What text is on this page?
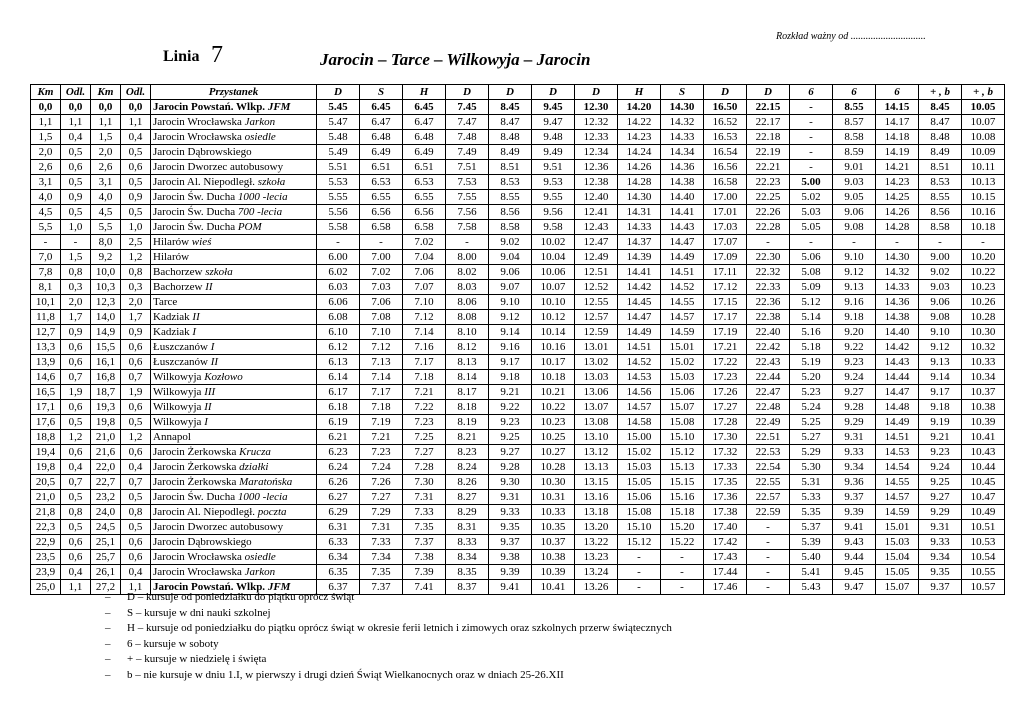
Rozkład ważny od ..............................
Linia 7	Jarocin – Tarce – Wilkowyja – Jarocin
Km	Odl.	Km	Odl.	Przystanek	D	S	H	D	D	D	D	H	S	D	D	6	6	6	+ , b	+ , b
0,0	0,0	0,0	0,0	Jarocin Powstań. Wlkp. JFM	5.45	6.45	6.45	7.45	8.45	9.45	12.30	14.20	14.30	16.50	22.15	-	8.55	14.15	8.45	10.05
1,1	1,1	1,1	1,1	Jarocin Wrocławska Jarkon	5.47	6.47	6.47	7.47	8.47	9.47	12.32	14.22	14.32	16.52	22.17	-	8.57	14.17	8.47	10.07
1,5	0,4	1,5	0,4	Jarocin Wrocławska osiedle	5.48	6.48	6.48	7.48	8.48	9.48	12.33	14.23	14.33	16.53	22.18	-	8.58	14.18	8.48	10.08
2,0	0,5	2,0	0,5	Jarocin Dąbrowskiego	5.49	6.49	6.49	7.49	8.49	9.49	12.34	14.24	14.34	16.54	22.19	-	8.59	14.19	8.49	10.09
2,6	0,6	2,6	0,6	Jarocin Dworzec autobusowy	5.51	6.51	6.51	7.51	8.51	9.51	12.36	14.26	14.36	16.56	22.21	-	9.01	14.21	8.51	10.11
3,1	0,5	3,1	0,5	Jarocin Al. Niepodległ. szkoła	5.53	6.53	6.53	7.53	8.53	9.53	12.38	14.28	14.38	16.58	22.23	5.00	9.03	14.23	8.53	10.13
4,0	0,9	4,0	0,9	Jarocin Św. Ducha 1000 -lecia	5.55	6.55	6.55	7.55	8.55	9.55	12.40	14.30	14.40	17.00	22.25	5.02	9.05	14.25	8.55	10.15
4,5	0,5	4,5	0,5	Jarocin Św. Ducha 700 -lecia	5.56	6.56	6.56	7.56	8.56	9.56	12.41	14.31	14.41	17.01	22.26	5.03	9.06	14.26	8.56	10.16
5,5	1,0	5,5	1,0	Jarocin Św. Ducha POM	5.58	6.58	6.58	7.58	8.58	9.58	12.43	14.33	14.43	17.03	22.28	5.05	9.08	14.28	8.58	10.18
-	-	8,0	2,5	Hilarów wieś	-	-	7.02	-	9.02	10.02	12.47	14.37	14.47	17.07	-	-	-	-	-	-
7,0	1,5	9,2	1,2	Hilarów	6.00	7.00	7.04	8.00	9.04	10.04	12.49	14.39	14.49	17.09	22.30	5.06	9.10	14.30	9.00	10.20
7,8	0,8	10,0	0,8	Bachorzew szkoła	6.02	7.02	7.06	8.02	9.06	10.06	12.51	14.41	14.51	17.11	22.32	5.08	9.12	14.32	9.02	10.22
8,1	0,3	10,3	0,3	Bachorzew II	6.03	7.03	7.07	8.03	9.07	10.07	12.52	14.42	14.52	17.12	22.33	5.09	9.13	14.33	9.03	10.23
10,1	2,0	12,3	2,0	Tarce	6.06	7.06	7.10	8.06	9.10	10.10	12.55	14.45	14.55	17.15	22.36	5.12	9.16	14.36	9.06	10.26
11,8	1,7	14,0	1,7	Kadziak II	6.08	7.08	7.12	8.08	9.12	10.12	12.57	14.47	14.57	17.17	22.38	5.14	9.18	14.38	9.08	10.28
12,7	0,9	14,9	0,9	Kadziak I	6.10	7.10	7.14	8.10	9.14	10.14	12.59	14.49	14.59	17.19	22.40	5.16	9.20	14.40	9.10	10.30
13,3	0,6	15,5	0,6	Łuszczanów I	6.12	7.12	7.16	8.12	9.16	10.16	13.01	14.51	15.01	17.21	22.42	5.18	9.22	14.42	9.12	10.32
13,9	0,6	16,1	0,6	Łuszczanów II	6.13	7.13	7.17	8.13	9.17	10.17	13.02	14.52	15.02	17.22	22.43	5.19	9.23	14.43	9.13	10.33
14,6	0,7	16,8	0,7	Wilkowyja Kozłowo	6.14	7.14	7.18	8.14	9.18	10.18	13.03	14.53	15.03	17.23	22.44	5.20	9.24	14.44	9.14	10.34
16,5	1,9	18,7	1,9	Wilkowyja III	6.17	7.17	7.21	8.17	9.21	10.21	13.06	14.56	15.06	17.26	22.47	5.23	9.27	14.47	9.17	10.37
17,1	0,6	19,3	0,6	Wilkowyja II	6.18	7.18	7.22	8.18	9.22	10.22	13.07	14.57	15.07	17.27	22.48	5.24	9.28	14.48	9.18	10.38
17,6	0,5	19,8	0,5	Wilkowyja I	6.19	7.19	7.23	8.19	9.23	10.23	13.08	14.58	15.08	17.28	22.49	5.25	9.29	14.49	9.19	10.39
18,8	1,2	21,0	1,2	Annapol	6.21	7.21	7.25	8.21	9.25	10.25	13.10	15.00	15.10	17.30	22.51	5.27	9.31	14.51	9.21	10.41
19,4	0,6	21,6	0,6	Jarocin Żerkowska Krucza	6.23	7.23	7.27	8.23	9.27	10.27	13.12	15.02	15.12	17.32	22.53	5.29	9.33	14.53	9.23	10.43
19,8	0,4	22,0	0,4	Jarocin Żerkowska działki	6.24	7.24	7.28	8.24	9.28	10.28	13.13	15.03	15.13	17.33	22.54	5.30	9.34	14.54	9.24	10.44
20,5	0,7	22,7	0,7	Jarocin Żerkowska Maratońska	6.26	7.26	7.30	8.26	9.30	10.30	13.15	15.05	15.15	17.35	22.55	5.31	9.36	14.55	9.25	10.45
21,0	0,5	23,2	0,5	Jarocin Św. Ducha 1000 -lecia	6.27	7.27	7.31	8.27	9.31	10.31	13.16	15.06	15.16	17.36	22.57	5.33	9.37	14.57	9.27	10.47
21,8	0,8	24,0	0,8	Jarocin Al. Niepodległ. poczta	6.29	7.29	7.33	8.29	9.33	10.33	13.18	15.08	15.18	17.38	22.59	5.35	9.39	14.59	9.29	10.49
22,3	0,5	24,5	0,5	Jarocin Dworzec autobusowy	6.31	7.31	7.35	8.31	9.35	10.35	13.20	15.10	15.20	17.40	-	5.37	9.41	15.01	9.31	10.51
22,9	0,6	25,1	0,6	Jarocin Dąbrowskiego	6.33	7.33	7.37	8.33	9.37	10.37	13.22	15.12	15.22	17.42	-	5.39	9.43	15.03	9.33	10.53
23,5	0,6	25,7	0,6	Jarocin Wrocławska osiedle	6.34	7.34	7.38	8.34	9.38	10.38	13.23	-	-	17.43	-	5.40	9.44	15.04	9.34	10.54
23,9	0,4	26,1	0,4	Jarocin Wrocławska Jarkon	6.35	7.35	7.39	8.35	9.39	10.39	13.24	-	-	17.44	-	5.41	9.45	15.05	9.35	10.55
25,0	1,1	27,2	1,1	Jarocin Powstań. Wlkp. JFM	6.37	7.37	7.41	8.37	9.41	10.41	13.26	-	-	17.46	-	5.43	9.47	15.07	9.37	10.57
– D – kursuje od poniedziałku do piątku oprócz świąt
– S – kursuje w dni nauki szkolnej
– H – kursuje od poniedziałku do piątku oprócz świąt w okresie ferii letnich i zimowych oraz szkolnych przerw świątecznych
– 6 – kursuje w soboty
– + – kursuje w niedzielę i święta
– b – nie kursuje w dniu 1.I, w pierwszy i drugi dzień Świąt Wielkanocnych oraz w dniach 25-26.XII
